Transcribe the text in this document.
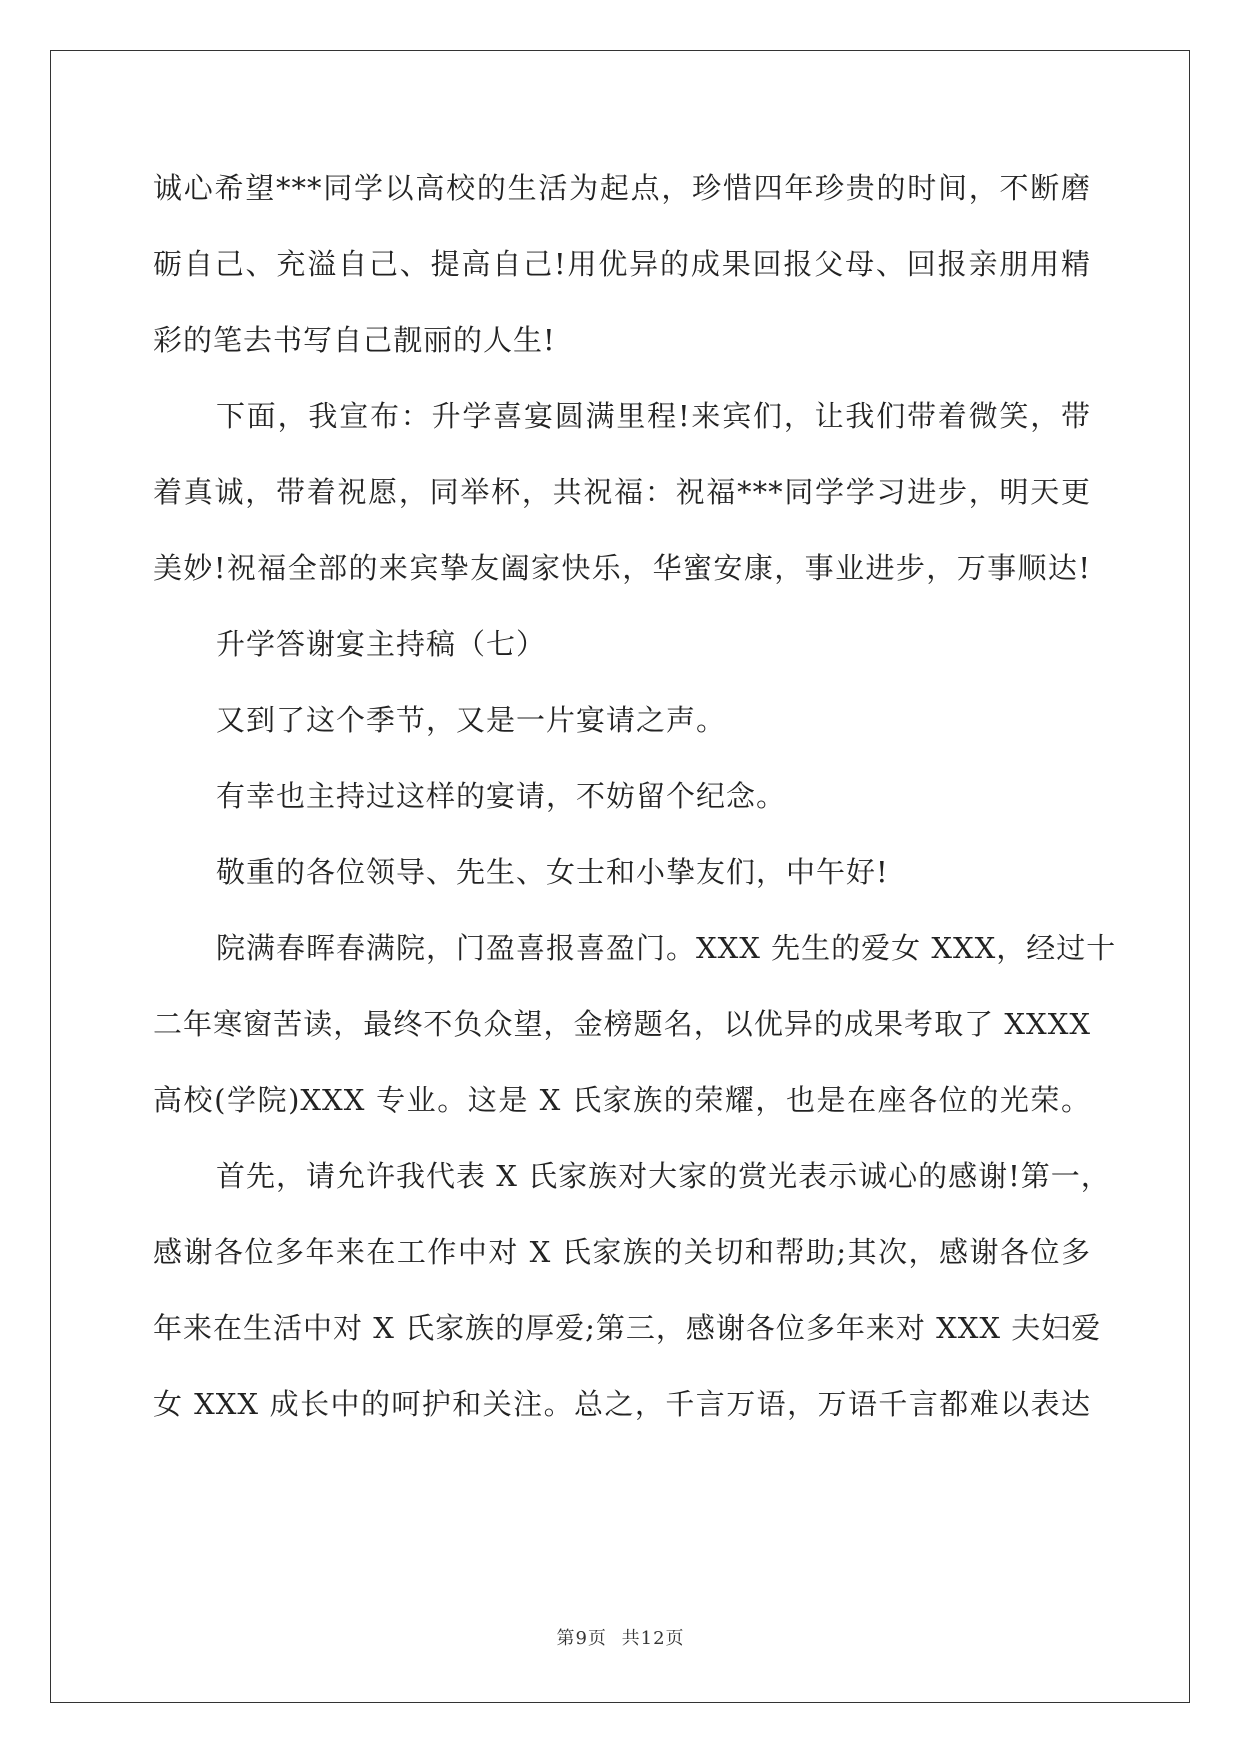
诚心希望***同学以高校的生活为起点，珍惜四年珍贵的时间，不断磨
砺自己、充溢自己、提高自己!用优异的成果回报父母、回报亲朋用精
彩的笔去书写自己靓丽的人生!
下面，我宣布：升学喜宴圆满里程!来宾们，让我们带着微笑，带
着真诚，带着祝愿，同举杯，共祝福：祝福***同学学习进步，明天更
美妙!祝福全部的来宾挚友阖家快乐，华蜜安康，事业进步，万事顺达!
升学答谢宴主持稿（七）
又到了这个季节，又是一片宴请之声。
有幸也主持过这样的宴请，不妨留个纪念。
敬重的各位领导、先生、女士和小挚友们，中午好!
院满春晖春满院，门盈喜报喜盈门。XXX 先生的爱女 XXX，经过十
二年寒窗苦读，最终不负众望，金榜题名，以优异的成果考取了 XXXX
高校(学院)XXX 专业。这是 X 氏家族的荣耀，也是在座各位的光荣。
首先，请允许我代表 X 氏家族对大家的赏光表示诚心的感谢!第一，
感谢各位多年来在工作中对 X 氏家族的关切和帮助;其次，感谢各位多
年来在生活中对 X 氏家族的厚爱;第三，感谢各位多年来对 XXX 夫妇爱
女 XXX 成长中的呵护和关注。总之，千言万语，万语千言都难以表达
第9页 共12页
